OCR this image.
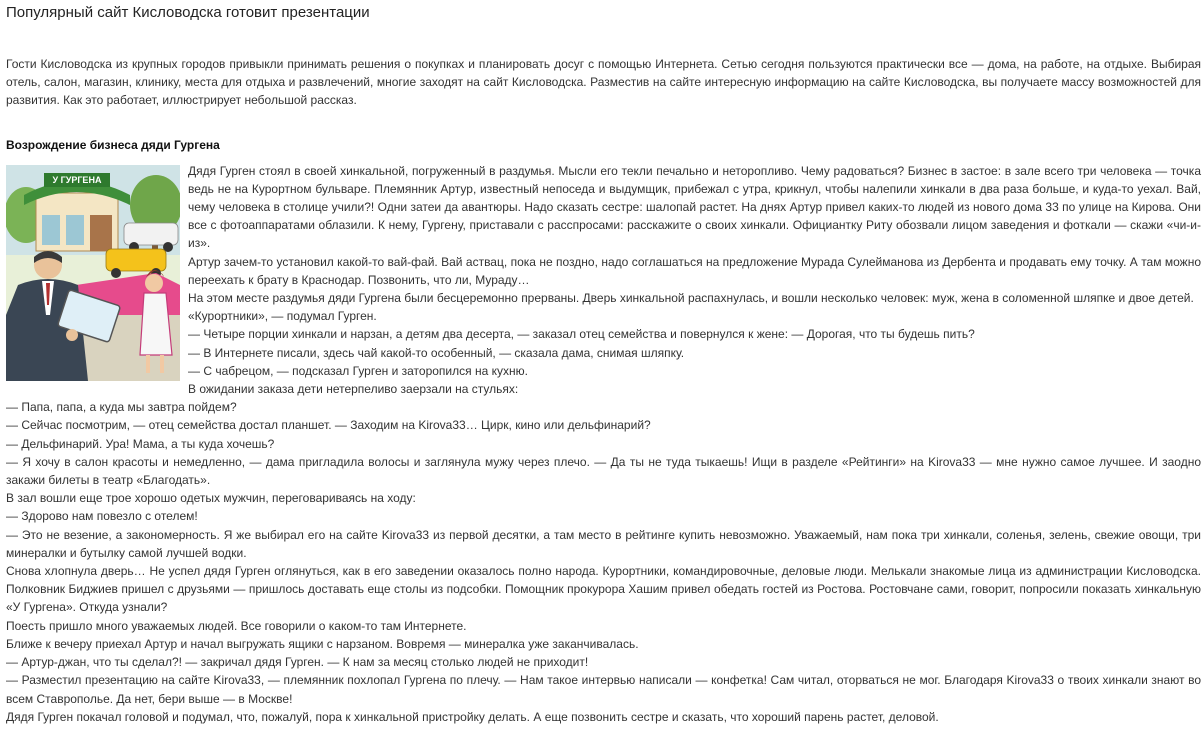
Популярный сайт Кисловодска готовит презентации

Гости Кисловодска из крупных городов привыкли принимать решения о покупках и планировать досуг с помощью Интернета. Сетью сегодня пользуются практически все — дома, на работе, на отдыхе. Выбирая отель, салон, магазин, клинику, места для отдыха и развлечений, многие заходят на сайт Кисловодска. Разместив на сайте интересную информацию на сайте Кисловодска, вы получаете массу возможностей для развития. Как это работает, иллюстрирует небольшой рассказ.

Возрождение бизнеса дяди Гургена
У ГУРГЕНА

Дядя Гурген стоял в своей хинкальной, погруженный в раздумья. Мысли его текли печально и неторопливо. Чему радоваться? Бизнес в застое: в зале всего три человека — точка ведь не на Курортном бульваре. Племянник Артур, известный непоседа и выдумщик, прибежал с утра, крикнул, чтобы налепили хинкали в два раза больше, и куда-то уехал. Вай, чему человека в столице учили?! Одни затеи да авантюры. Надо сказать сестре: шалопай растет. На днях Артур привел каких-то людей из нового дома 33 по улице на Кирова. Они все с фотоаппаратами облазили. К нему, Гургену, приставали с расспросами: расскажите о своих хинкали. Официантку Риту обозвали лицом заведения и фоткали — скажи «чи-и-из».

Артур зачем-то установил какой-то вай-фай. Вай аствац, пока не поздно, надо соглашаться на предложение Мурада Сулейманова из Дербента и продавать ему точку. А там можно переехать к брату в Краснодар. Позвонить, что ли, Мураду…

На этом месте раздумья дяди Гургена были бесцеремонно прерваны. Дверь хинкальной распахнулась, и вошли несколько человек: муж, жена в соломенной шляпке и двое детей.

«Курортники», — подумал Гурген.

— Четыре порции хинкали и нарзан, а детям два десерта, — заказал отец семейства и повернулся к жене: — Дорогая, что ты будешь пить?

— В Интернете писали, здесь чай какой-то особенный, — сказала дама, снимая шляпку.

— С чабрецом, — подсказал Гурген и заторопился на кухню.

В ожидании заказа дети нетерпеливо заерзали на стульях:

— Папа, папа, а куда мы завтра пойдем?

— Сейчас посмотрим, — отец семейства достал планшет. — Заходим на Kirova33… Цирк, кино или дельфинарий?

— Дельфинарий. Ура! Мама, а ты куда хочешь?

— Я хочу в салон красоты и немедленно, — дама пригладила волосы и заглянула мужу через плечо. — Да ты не туда тыкаешь! Ищи в разделе «Рейтинги» на Kirova33 — мне нужно самое лучшее. И заодно закажи билеты в театр «Благодать».

В зал вошли еще трое хорошо одетых мужчин, переговариваясь на ходу:

— Здорово нам повезло с отелем!

— Это не везение, а закономерность. Я же выбирал его на сайте Kirova33 из первой десятки, а там место в рейтинге купить невозможно. Уважаемый, нам пока три хинкали, соленья, зелень, свежие овощи, три минералки и бутылку самой лучшей водки.

Снова хлопнула дверь… Не успел дядя Гурген оглянуться, как в его заведении оказалось полно народа. Курортники, командировочные, деловые люди. Мелькали знакомые лица из администрации Кисловодска. Полковник Биджиев пришел с друзьями — пришлось доставать еще столы из подсобки. Помощник прокурора Хашим привел обедать гостей из Ростова. Ростовчане сами, говорит, попросили показать хинкальную «У Гургена». Откуда узнали?

Поесть пришло много уважаемых людей. Все говорили о каком-то там Интернете.

Ближе к вечеру приехал Артур и начал выгружать ящики с нарзаном. Вовремя — минералка уже заканчивалась.

— Артур-джан, что ты сделал?! — закричал дядя Гурген. — К нам за месяц столько людей не приходит!

— Разместил презентацию на сайте Kirova33, — племянник похлопал Гургена по плечу. — Нам такое интервью написали — конфетка! Сам читал, оторваться не мог. Благодаря Kirova33 о твоих хинкали знают во всем Ставрополье. Да нет, бери выше — в Москве!

Дядя Гурген покачал головой и подумал, что, пожалуй, пора к хинкальной пристройку делать. А еще позвонить сестре и сказать, что хороший парень растет, деловой.
